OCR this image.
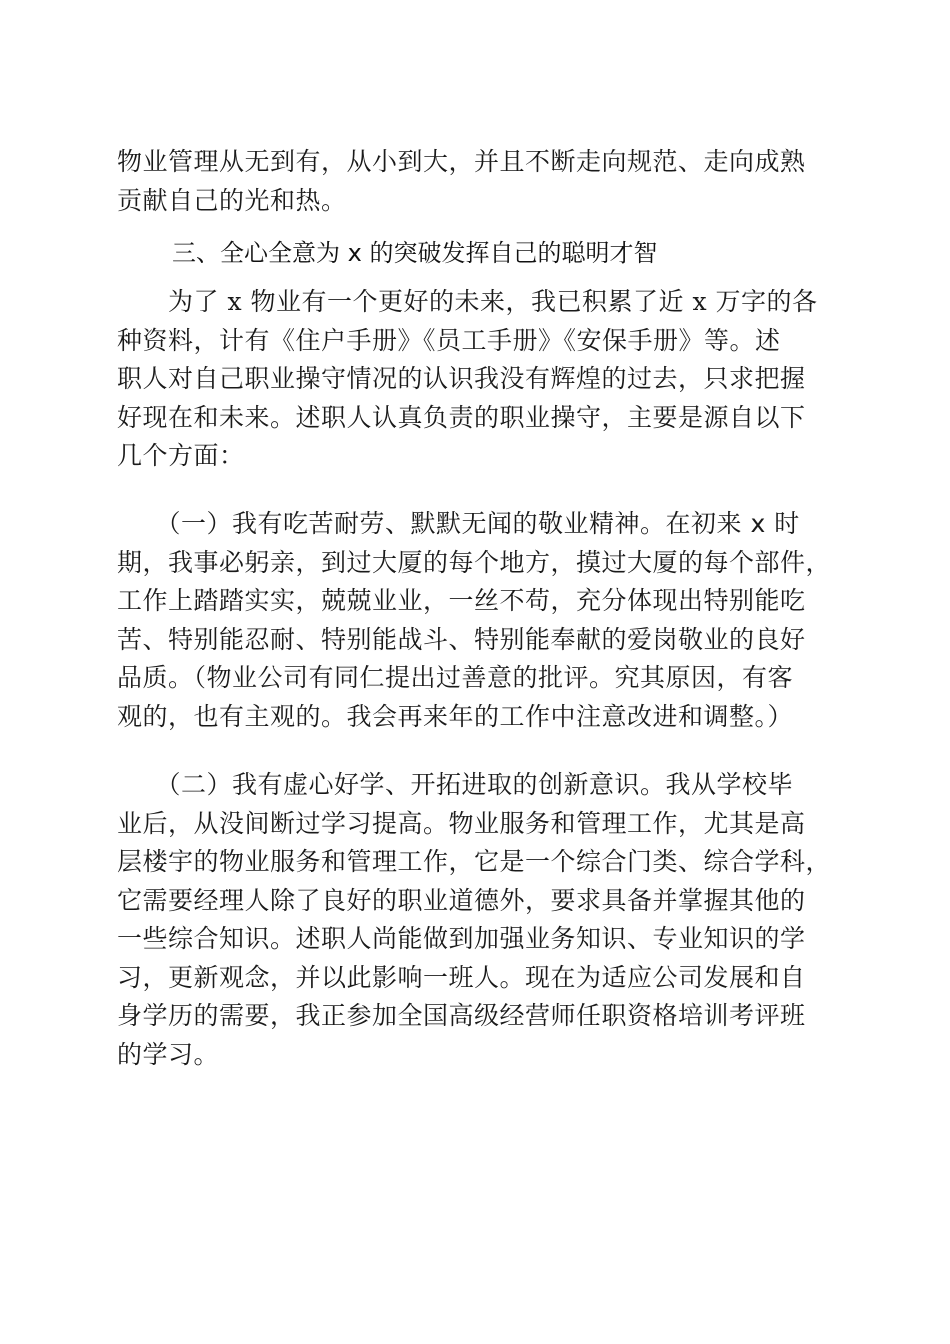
物业管理从无到有，从小到大，并且不断走向规范、走向成熟
贡献自己的光和热。
三、全心全意为 x 的突破发挥自己的聪明才智
　　为了 x 物业有一个更好的未来，我已积累了近 x 万字的各
种资料，计有《住户手册》《员工手册》《安保手册》等。述
职人对自己职业操守情况的认识我没有辉煌的过去，只求把握
好现在和未来。述职人认真负责的职业操守，主要是源自以下
几个方面：
　　（一）我有吃苦耐劳、默默无闻的敬业精神。在初来 x 时
期，我事必躬亲，到过大厦的每个地方，摸过大厦的每个部件，
工作上踏踏实实，兢兢业业，一丝不苟，充分体现出特别能吃
苦、特别能忍耐、特别能战斗、特别能奉献的爱岗敬业的良好
品质。（物业公司有同仁提出过善意的批评。究其原因，有客
观的，也有主观的。我会再来年的工作中注意改进和调整。）
　　（二）我有虚心好学、开拓进取的创新意识。我从学校毕
业后，从没间断过学习提高。物业服务和管理工作，尤其是高
层楼宇的物业服务和管理工作，它是一个综合门类、综合学科，
它需要经理人除了良好的职业道德外，要求具备并掌握其他的
一些综合知识。述职人尚能做到加强业务知识、专业知识的学
习，更新观念，并以此影响一班人。现在为适应公司发展和自
身学历的需要，我正参加全国高级经营师任职资格培训考评班
的学习。
